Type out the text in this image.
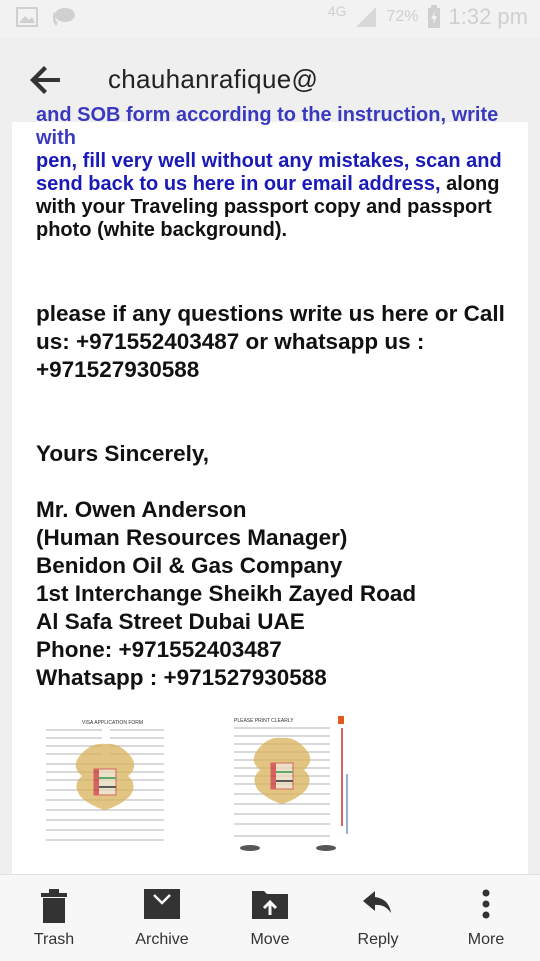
4G	72% 1:32 pm
chauhanrafique@

and SOB form according to the instruction, write with

pen, fill very well without any mistakes, scan and send back to us here in our email address, along with your Traveling passport copy and passport photo (white background).

please if any questions write us here or Call us: +971552403487 or whatsapp us : +971527930588

Yours Sincerely,

Mr. Owen Anderson
(Human Resources Manager)
Benidon Oil & Gas Company
1st Interchange Sheikh Zayed Road
Al Safa Street Dubai UAE
Phone: +971552403487
Whatsapp : +971527930588
VISA APPLICATION FORM	PLEASE PRINT CLEARLY
Trash	Archive	Move	Reply	More
